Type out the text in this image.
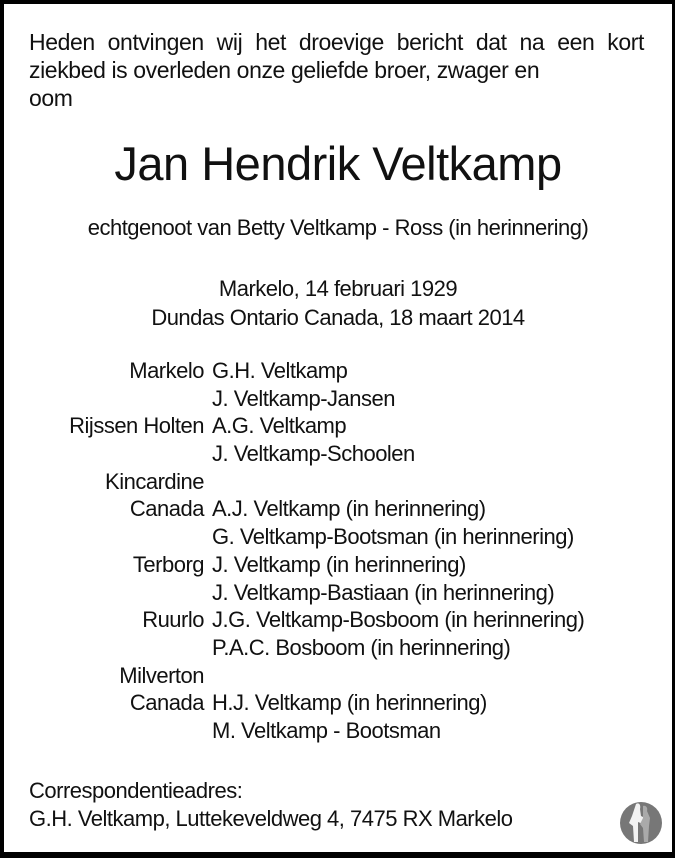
Heden ontvingen wij het droevige bericht dat na een kort ziekbed is overleden onze geliefde broer, zwager en
oom
Jan Hendrik Veltkamp
echtgenoot van Betty Veltkamp - Ross (in herinnering)
Markelo, 14 februari 1929
Dundas Ontario Canada, 18 maart 2014
Markelo G.H. Veltkamp
J. Veltkamp-Jansen
Rijssen Holten A.G. Veltkamp
J. Veltkamp-Schoolen
Kincardine
Canada A.J. Veltkamp (in herinnering)
G. Veltkamp-Bootsman (in herinnering)
Terborg J. Veltkamp (in herinnering)
J. Veltkamp-Bastiaan (in herinnering)
Ruurlo J.G. Veltkamp-Bosboom (in herinnering)
P.A.C. Bosboom (in herinnering)
Milverton
Canada H.J. Veltkamp (in herinnering)
M. Veltkamp - Bootsman
Correspondentieadres:
G.H. Veltkamp, Luttekeveldweg 4, 7475 RX Markelo
